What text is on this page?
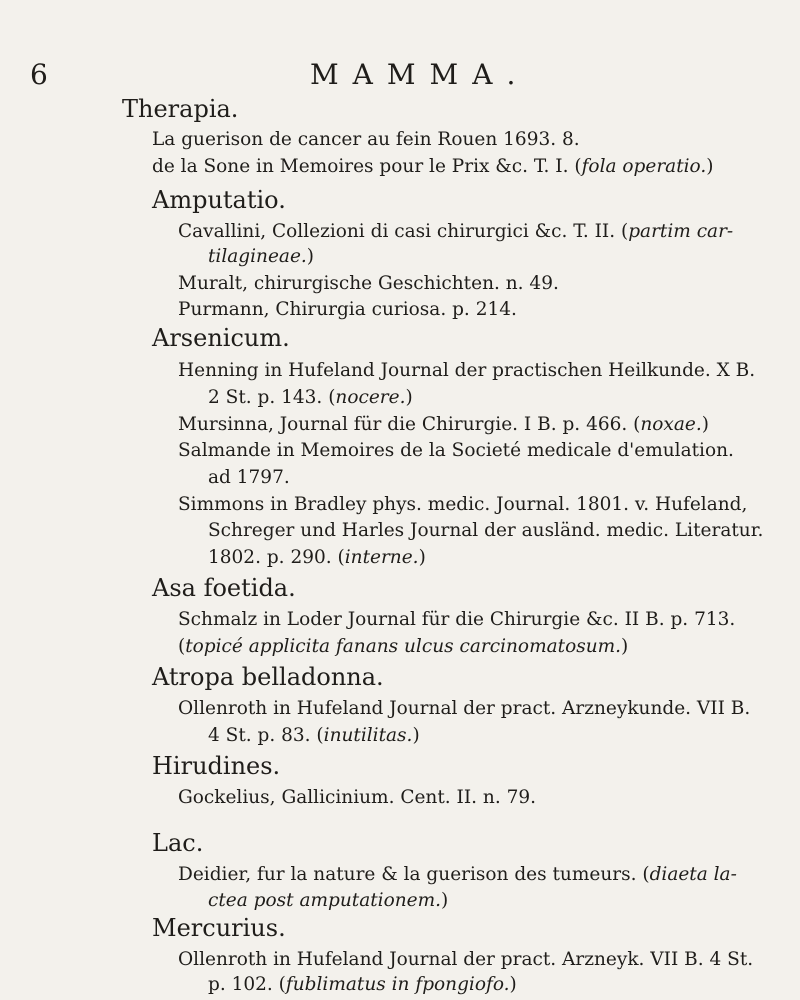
6	MAMMA.
Therapia.
La guerison de cancer au fein Rouen 1693. 8.
de la Sone in Memoires pour le Prix &c. T. I. (fola operatio.)
Amputatio.
Cavallini, Collezioni di casi chirurgici &c. T. II. (partim car-
tilagineae.)
Muralt, chirurgische Geschichten. n. 49.
Purmann, Chirurgia curiosa. p. 214.
Arsenicum.
Henning in Hufeland Journal der practischen Heilkunde. X B.
2 St. p. 143. (nocere.)
Mursinna, Journal für die Chirurgie. I B. p. 466. (noxae.)
Salmande in Memoires de la Societé medicale d'emulation.
ad 1797.
Simmons in Bradley phys. medic. Journal. 1801. v. Hufeland,
Schreger und Harles Journal der ausländ. medic. Literatur.
1802. p. 290. (interne.)
Asa foetida.
Schmalz in Loder Journal für die Chirurgie &c. II B. p. 713.
(topicé applicita fanans ulcus carcinomatosum.)
Atropa belladonna.
Ollenroth in Hufeland Journal der pract. Arzneykunde. VII B.
4 St. p. 83. (inutilitas.)
Hirudines.
Gockelius, Gallicinium. Cent. II. n. 79.
Lac.
Deidier, fur la nature & la guerison des tumeurs. (diaeta la-
ctea post amputationem.)
Mercurius.
Ollenroth in Hufeland Journal der pract. Arzneyk. VII B. 4 St.
p. 102. (fublimatus in fpongiofo.)
